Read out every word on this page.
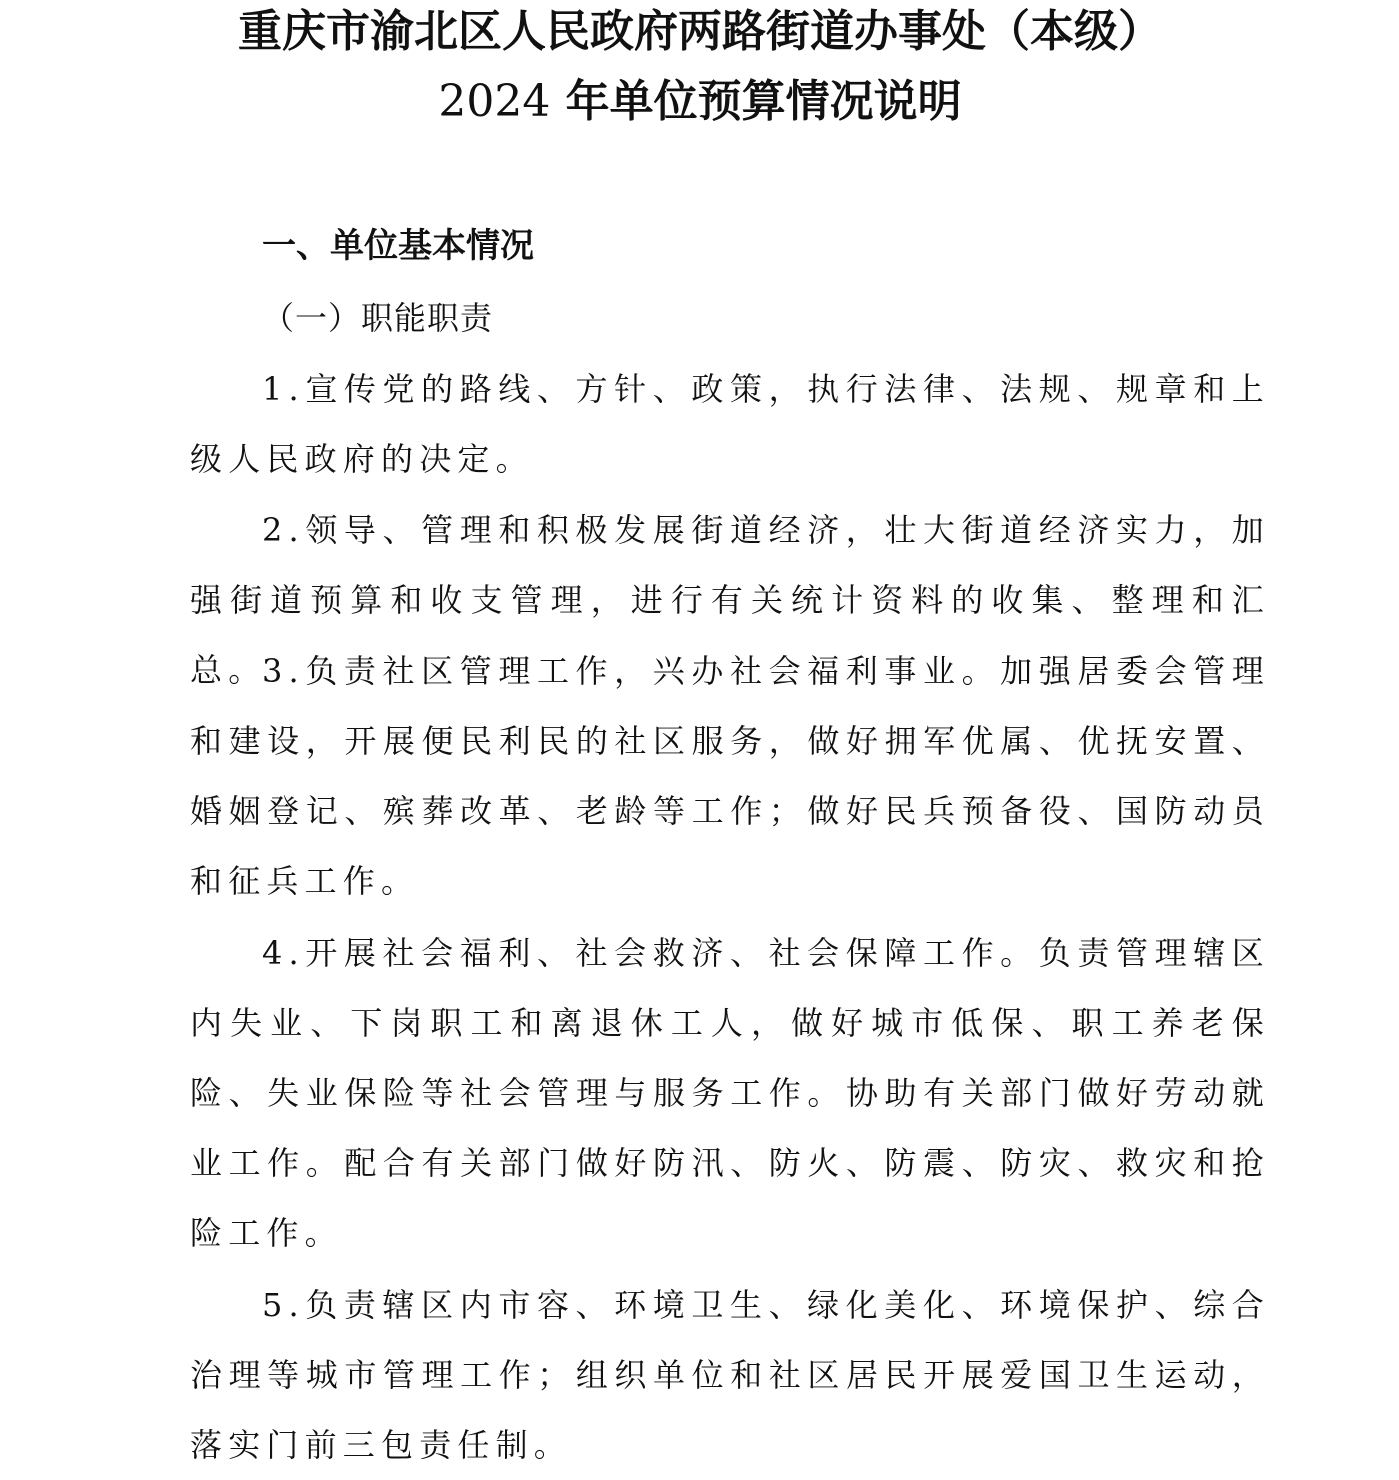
重庆市渝北区人民政府两路街道办事处（本级）
2024 年单位预算情况说明
一、单位基本情况
（一）职能职责
1.宣传党的路线、方针、政策，执行法律、法规、规章和上级人民政府的决定。
2.领导、管理和积极发展街道经济，壮大街道经济实力，加强街道预算和收支管理，进行有关统计资料的收集、整理和汇总。
3.负责社区管理工作，兴办社会福利事业。加强居委会管理和建设，开展便民利民的社区服务，做好拥军优属、优抚安置、婚姻登记、殡葬改革、老龄等工作；做好民兵预备役、国防动员和征兵工作。
4.开展社会福利、社会救济、社会保障工作。负责管理辖区内失业、下岗职工和离退休工人，做好城市低保、职工养老保险、失业保险等社会管理与服务工作。协助有关部门做好劳动就业工作。配合有关部门做好防汛、防火、防震、防灾、救灾和抢险工作。
5.负责辖区内市容、环境卫生、绿化美化、环境保护、综合治理等城市管理工作；组织单位和社区居民开展爱国卫生运动，落实门前三包责任制。
